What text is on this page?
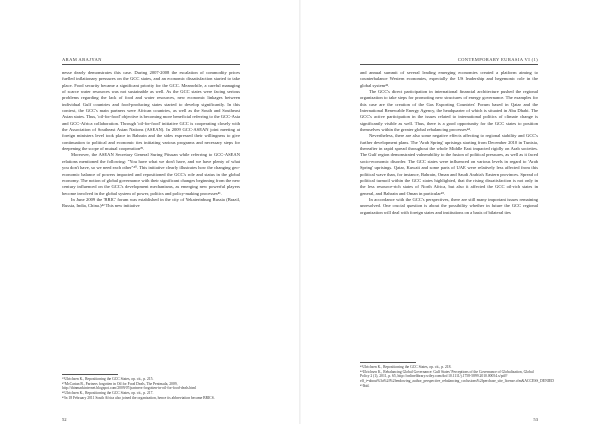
ARAM ABAJYAN

nesse dearly demonstrates this case. During 2007-2008 the escalation of commodity prices fuelled inflationary pressures on the GCC states, and an economic dissatisfaction started to take place. Food security became a significant priority for the GCC. Meanwhile, a careful managing of scarce water resources was not sustainable as well. As the GCC states were facing serious problems regarding the lack of food and water resources, new economic linkages between individual Gulf countries and food-producing states started to develop significantly. In this context, the GCC's main partners were African countries, as well as the South and Southeast Asian states. Thus, 'oil-for-food' objective is becoming more beneficial referring to the GCC-Asia and GCC-Africa collaboration. Through 'oil-for-food' initiative GCC is cooperating closely with the Association of Southeast Asian Nations (ASEAN). In 2009 GCC-ASEAN joint meeting at foreign ministers level took place in Bahrain and the sides expressed their willingness to give continuation to political and economic ties initiating various programs and necessary steps for deepening the scope of mutual cooperation³⁹.

Moreover, the ASEAN Secretary General Suring Pitsuan while referring to GCC-ASEAN relations mentioned the following: "You have what we don't have, and we have plenty of what you don't have, so we need each other"⁴⁰. This initiative clearly illustrates how the changing geo-economic balance of powers impacted and repositioned the GCC's role and status in the global economy. The notion of global governance with their significant changes beginning from the new century influenced on the GCC's development mechanisms, as emerging new powerful players become involved in the global system of power, politics and policy-making processes⁴¹.

In June 2009 the 'BRIC' forum was established in the city of Yekaterinburg Russia (Brazil, Russia, India, China.)⁴² This new initiative

³⁹Ulrichsen K., Repositioning the GCC States, op. cit., p. 215.
⁴⁰McCartan B., Partners forgotten in Oil for Food Deals, The Peninsula, 2009, http://thinmarkinternet.blogspot.com/2009/07/partners-forgotten-in-oil-for-food-deals.html
⁴¹Ulrichsen K., Repositioning the GCC States, op. cit., p. 217.
⁴²In 18 February 2011 South Africa also joined the organization, hence its abbreviation became BRICS.
52
CONTEMPORARY EURASIA VI (1)

and annual summit of several leading emerging economies created a platform aiming to counterbalance Western economies, especially the US leadership and hegemonic role in the global system⁴³.

The GCC's direct participation in international financial architecture pushed the regional organization to take steps for promoting new structures of energy governance. The examples for this case are the creation of the Gas Exporting Countries' Forum based in Qatar and the International Renewable Energy Agency, the headquarter of which is situated in Abu Dhabi. The GCC's active participation in the issues related to international politics of climate change is significantly visible as well. Thus, there is a good opportunity for the GCC states to position themselves within the greater global rebalancing processes⁴⁴.

Nevertheless, there are also some negative effects affecting to regional stability and GCC's further development plans. The 'Arab Spring' uprisings starting from December 2010 in Tunisia, thereafter in rapid spread throughout the whole Middle East impacted rigidly on Arab societies. The Gulf region demonstrated vulnerability to the fusion of political pressures, as well as it faced socio-economic disorder. The GCC states were influenced on various levels in regard to 'Arab Spring' uprisings. Qatar, Kuwait and some parts of UAE were relatively less affected from this political wave than, for instance, Bahrain, Oman and Saudi Arabia's Eastern provinces. Spread of political turmoil within the GCC states highlighted, that the rising dissatisfaction is not only in the less resource-rich states of North Africa, but also it affected the GCC oil-rich states in general, and Bahrain and Oman in particular⁴⁵.

In accordance with the GCC's perspectives, there are still many important issues remaining unresolved. One crucial question is about the possibility whether in future the GCC regional organization will deal with foreign states and institutions on a basis of bilateral ties

⁴³Ulrichsen K., Repositioning the GCC States, op. cit., p. 218.
⁴⁴Ulrichsen K., Rebalancing Global Governance: Gulf States' Perceptions of the Governance of Globalization, Global Policy 2 (1), 2011, p. 65, http://onlinelibrary.wiley.com/doi/10.1111/j.1758-5899.2010.00054.x/pdf?elf_i=about%3a%2f%2fendowing_author_perspective_rebalancing_coclusions%2fperchase_site_license.cfm&ACCESS_DENIED
⁴⁵Ibid.
53
